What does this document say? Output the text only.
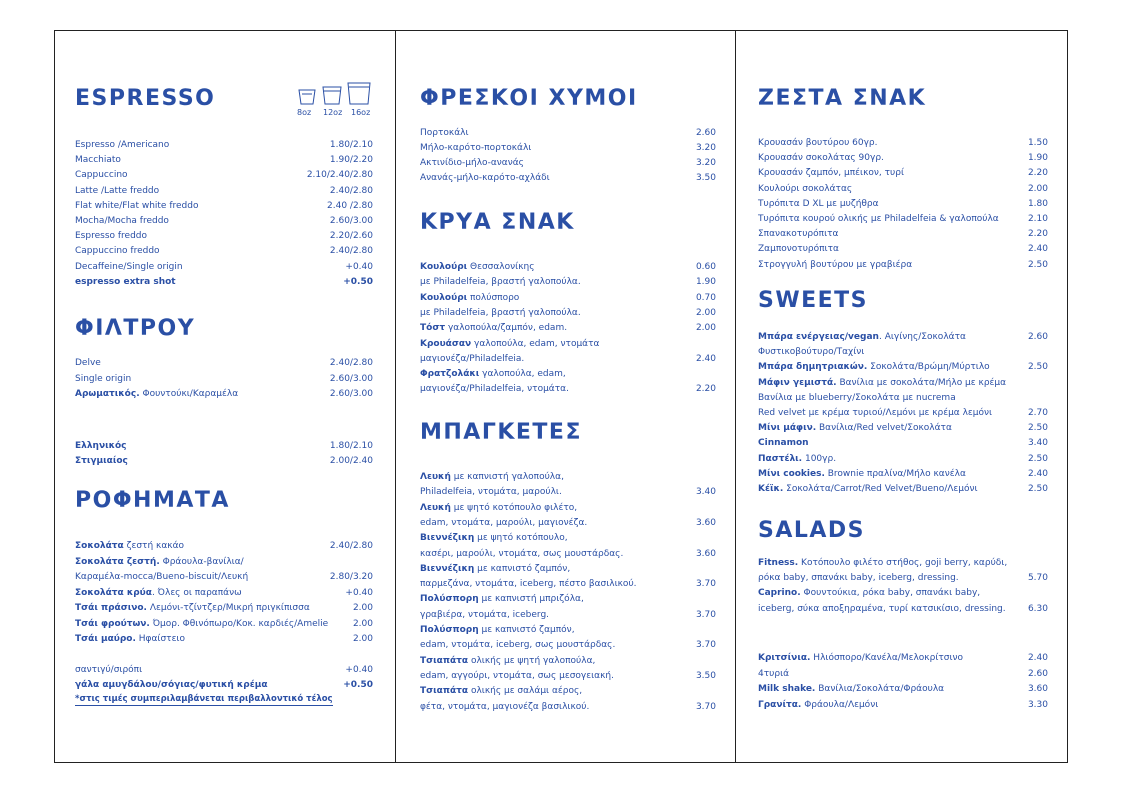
ESPRESSO
8oz 12oz 16oz
Espresso /Americano	1.80/2.10
Macchiato	1.90/2.20
Cappuccino	2.10/2.40/2.80
Latte /Latte freddo	2.40/2.80
Flat white/Flat white freddo	2.40 /2.80
Mocha/Mocha freddo	2.60/3.00
Espresso freddo	2.20/2.60
Cappuccino freddo	2.40/2.80
Decaffeine/Single origin	+0.40
espresso extra shot	+0.50
ΦΙΛΤΡΟΥ
Delve	2.40/2.80
Single origin	2.60/3.00
Αρωματικός. Φουντούκι/Καραμέλα	2.60/3.00
Ελληνικός	1.80/2.10
Στιγμιαίος	2.00/2.40
ΡΟΦΗΜΑΤΑ
Σοκολάτα ζεστή κακάο	2.40/2.80
Σοκολάτα ζεστή. Φράουλα-βανίλια/
Καραμέλα-mocca/Bueno-biscuit/Λευκή	2.80/3.20
Σοκολάτα κρύα. Όλες οι παραπάνω	+0.40
Τσάι πράσινο. Λεμόνι-τζίντζερ/Μικρή πριγκίπισσα	2.00
Τσάι φρούτων. Όμορ. Φθινόπωρο/Κοκ. καρδιές/Amelie	2.00
Τσάι μαύρο. Ηφαίστειο	2.00
σαντιγύ/σιρόπι	+0.40
γάλα αμυγδάλου/σόγιας/φυτική κρέμα	+0.50
*στις τιμές συμπεριλαμβάνεται περιβαλλοντικό τέλος
ΦΡΕΣΚΟΙ ΧΥΜΟΙ
Πορτοκάλι	2.60
Μήλο-καρότο-πορτοκάλι	3.20
Ακτινίδιο-μήλο-ανανάς	3.20
Ανανάς-μήλο-καρότο-αχλάδι	3.50
ΚΡΥΑ ΣΝΑΚ
Κουλούρι Θεσσαλονίκης	0.60
με Philadelfeia, βραστή γαλοπούλα.	1.90
Κουλούρι πολύσπορο	0.70
με Philadelfeia, βραστή γαλοπούλα.	2.00
Τόστ γαλοπούλα/ζαμπόν, edam.	2.00
Κρουάσαν γαλοπούλα, edam, ντομάτα
μαγιονέζα/Philadelfeia.	2.40
Φρατζολάκι γαλοπούλα, edam,
μαγιονέζα/Philadelfeia, ντομάτα.	2.20
ΜΠΑΓΚΕΤΕΣ
Λευκή με καπνιστή γαλοπούλα,
Philadelfeia, ντομάτα, μαρούλι.	3.40
Λευκή με ψητό κοτόπουλο φιλέτο,
edam, ντομάτα, μαρούλι, μαγιονέζα.	3.60
Βιεννέζικη με ψητό κοτόπουλο,
κασέρι, μαρούλι, ντομάτα, σως μουστάρδας.	3.60
Βιεννέζικη με καπνιστό ζαμπόν,
παρμεζάνα, ντομάτα, iceberg, πέστο βασιλικού.	3.70
Πολύσπορη με καπνιστή μπριζόλα,
γραβιέρα, ντομάτα, iceberg.	3.70
Πολύσπορη με καπνιστό ζαμπόν,
edam, ντομάτα, iceberg, σως μουστάρδας.	3.70
Τσιαπάτα ολικής με ψητή γαλοπούλα,
edam, αγγούρι, ντομάτα, σως μεσογειακή.	3.50
Τσιαπάτα ολικής με σαλάμι αέρος,
φέτα, ντομάτα, μαγιονέζα βασιλικού.	3.70
ΖΕΣΤΑ ΣΝΑΚ
Κρουασάν βουτύρου 60γρ.	1.50
Κρουασάν σοκολάτας 90γρ.	1.90
Κρουασάν ζαμπόν, μπέικον, τυρί	2.20
Κουλούρι σοκολάτας	2.00
Τυρόπιτα D XL με μυζήθρα	1.80
Τυρόπιτα κουρού ολικής με Philadelfeia & γαλοπούλα	2.10
Σπανακοτυρόπιτα	2.20
Ζαμπονοτυρόπιτα	2.40
Στρογγυλή βουτύρου με γραβιέρα	2.50
SWEETS
Μπάρα ενέργειας/vegan. Αιγίνης/Σοκολάτα	2.60
Φυστικοβούτυρο/Ταχίνι
Μπάρα δημητριακών. Σοκολάτα/Βρώμη/Μύρτιλο	2.50
Μάφιν γεμιστά. Βανίλια με σοκολάτα/Μήλο με κρέμα
Βανίλια με blueberry/Σοκολάτα με nucrema
Red velvet με κρέμα τυριού/Λεμόνι με κρέμα λεμόνι	2.70
Μίνι μάφιν. Βανίλια/Red velvet/Σοκολάτα	2.50
Cinnamon	3.40
Παστέλι. 100γρ.	2.50
Μίνι cookies. Brownie πραλίνα/Μήλο κανέλα	2.40
Κέϊκ. Σοκολάτα/Carrot/Red Velvet/Bueno/Λεμόνι	2.50
SALADS
Fitness. Κοτόπουλο φιλέτο στήθος, goji berry, καρύδι,
ρόκα baby, σπανάκι baby, iceberg, dressing.	5.70
Caprino. Φουντούκια, ρόκα baby, σπανάκι baby,
iceberg, σύκα αποξηραμένα, τυρί κατσικίσιο, dressing. 6.30
Κριτσίνια. Ηλιόσπορο/Κανέλα/Μελοκρίτσινο	2.40
4τυριά	2.60
Milk shake. Βανίλια/Σοκολάτα/Φράουλα	3.60
Γρανίτα. Φράουλα/Λεμόνι	3.30
